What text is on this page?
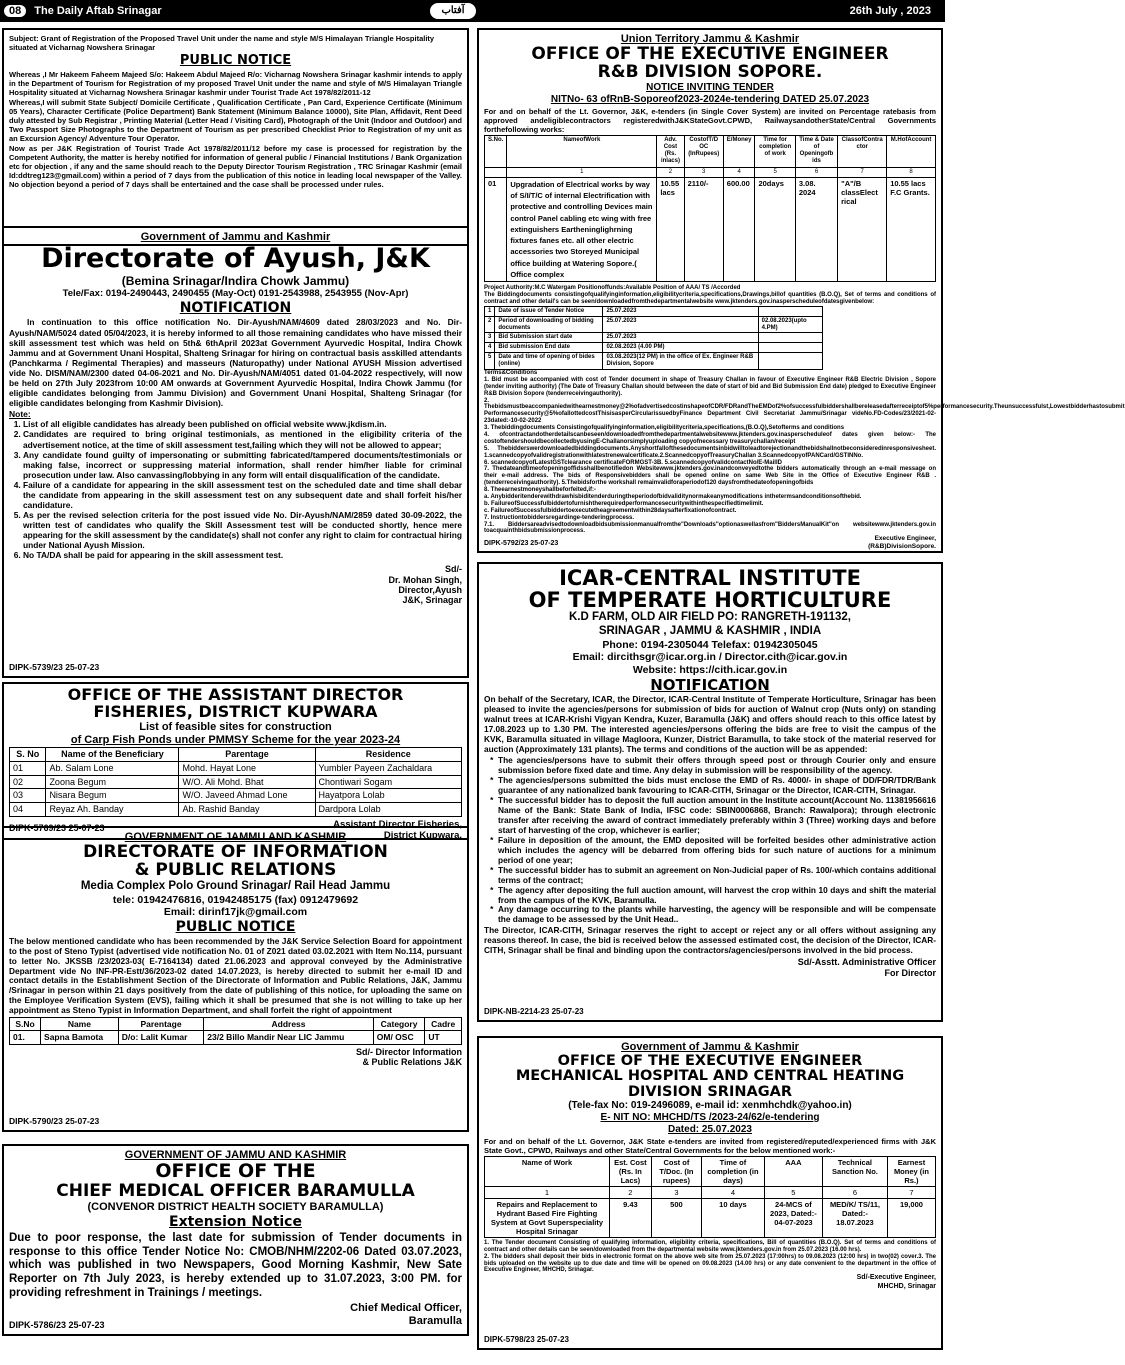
08	The Daily Aftab Srinagar	آفتاب	26th July , 2023

Subject: Grant of Registration of the Proposed Travel Unit under the name and style M/S Himalayan Triangle Hospitality situated at Vicharnag Nowshera Srinagar

PUBLIC NOTICE

Whereas ,I Mr Hakeem Faheem Majeed S/o: Hakeem Abdul Majeed R/o: Vicharnag Nowshera Srinagar kashmir intends to apply in the Department of Tourism for Registration of my proposed Travel Unit under the name and style of M/S Himalayan Triangle Hospitality situated at Vicharnag Nowshera Srinagar kashmir under Tourist Trade Act 1978/82/2011-12

Whereas,I will submit State Subject/ Domicile Certificate , Qualification Certificate , Pan Card, Experience Certificate (Minimum 05 Years), Character Certificate (Police Department) Bank Statement (Minimum Balance 10000), Site Plan, Affidavit, Rent Deed duly attested by Sub Registrar , Printing Material (Letter Head / Visiting Card), Photograph of the Unit (Indoor and Outdoor) and Two Passport Size Photographs to the Department of Tourism as per prescribed Checklist Prior to Registration of my unit as an Excursion Agency/ Adventure Tour Operator.

Now as per J&K Registration of Tourist Trade Act 1978/82/2011/12 before my case is processed for registration by the Competent Authority, the matter is hereby notified for information of general public / Financial Institutions / Bank Organization etc for objection , if any and the same should reach to the Deputy Director Tourism Registration , TRC Srinagar Kashmir (email Id:ddtreg123@gmail.com) within a period of 7 days from the publication of this notice in leading local newspaper of the Valley. No objection beyond a period of 7 days shall be entertained and the case shall be processed under rules.

Government of Jammu and Kashmir
Directorate of Ayush, J&K
(Bemina Srinagar/Indira Chowk Jammu)
Tele/Fax: 0194-2490443, 2490455 (May-Oct) 0191-2543988, 2543955 (Nov-Apr)
NOTIFICATION

In continuation to this office notification No. Dir-Ayush/NAM/4609 dated 28/03/2023 and No. Dir-Ayush/NAM/5024 dated 05/04/2023, it is hereby informed to all those remaining candidates who have missed their skill assessment test which was held on 5th& 6thApril 2023at Government Ayurvedic Hospital, Indira Chowk Jammu and at Government Unani Hospital, Shalteng Srinagar for hiring on contractual basis asskilled attendants (Panchkarma / Regimental Therapies) and masseurs (Naturopathy) under National AYUSH Mission advertised vide No. DISM/NAM/2300 dated 04-06-2021 and No. Dir-Ayush/NAM/4051 dated 01-04-2022 respectively, will now be held on 27th July 2023from 10:00 AM onwards at Government Ayurvedic Hospital, Indira Chowk Jammu (for eligible candidates belonging from Jammu Division) and Government Unani Hospital, Shalteng Srinagar (for eligible candidates belonging from Kashmir Division).

Note:
1. List of all eligible candidates has already been published on official website www.jkdism.in.
2. Candidates are required to bring original testimonials, as mentioned in the eligibility criteria of the advertisement notice, at the time of skill assessment test,failing which they will not be allowed to appear;
3. Any candidate found guilty of impersonating or submitting fabricated/tampered documents/testimonials or making false, incorrect or suppressing material information, shall render him/her liable for criminal prosecution under law. Also canvassing/lobbying in any form will entail disqualification of the candidate.
4. Failure of a candidate for appearing in the skill assessment test on the scheduled date and time shall debar the candidate from appearing in the skill assessment test on any subsequent date and shall forfeit his/her candidature.
5. As per the revised selection criteria for the post issued vide No. Dir-Ayush/NAM/2859 dated 30-09-2022, the written test of candidates who qualify the Skill Assessment test will be conducted shortly, hence mere appearing for the skill assessment by the candidate(s) shall not confer any right to claim for contractual hiring under National Ayush Mission.
6. No TA/DA shall be paid for appearing in the skill assessment test.
Sd/-
Dr. Mohan Singh,
Director,Ayush
J&K, Srinagar
DIPK-5739/23 25-07-23
OFFICE OF THE ASSISTANT DIRECTOR
FISHERIES, DISTRICT KUPWARA
List of feasible sites for construction
of Carp Fish Ponds under PMMSY Scheme for the year 2023-24
S. No	Name of the Beneficiary	Parentage	Residence
01	Ab. Salam Lone	Mohd. Hayat Lone	Yumbler Payeen Zachaldara
02	Zoona Begum	W/O. Ali Mohd. Bhat	Chontiwari Sogam
03	Nisara Begum	W/O. Javeed Ahmad Lone	Hayatpora Lolab
04	Reyaz Ah. Banday	Ab. Rashid Banday	Dardpora Lolab
Assistant Director Fisheries,
District Kupwara.
DIPK-5769/23 25-07-23
GOVERNMENT OF JAMMU AND KASHMIR
DIRECTORATE OF INFORMATION
& PUBLIC RELATIONS
Media Complex Polo Ground Srinagar/ Rail Head Jammu
tele: 01942476816, 01942485175 (fax) 0912479692
Email: dirinf17jk@gmail.com
PUBLIC NOTICE

The below mentioned candidate who has been recommended by the J&K Service Selection Board for appointment to the post of Steno Typist (advertised vide notification No. 01 of Z021 dated 03.02.2021 with Item No.114, pursuant to letter No. JKSSB /23/2023-03( E-7164134) dated 21.06.2023 and approval conveyed by the Administrative Department vide No INF-PR-Estt/36/2023-02 dated 14.07.2023, is hereby directed to submit her e-mail ID and contact details in the Establishment Section of the Directorate of Information and Public Relations, J&K, Jammu /Srinagar in person within 21 days positively from the date of publishing of this notice, for uploading the same on the Employee Verification System (EVS), failing which it shall be presumed that she is not willing to take up her appointment as Steno Typist in Information Department, and shall forfeit the right of appointment

S.No	Name	Parentage	Address	Category	Cadre
01.	Sapna Bamota	D/o: Lalit Kumar	23/2 Billo Mandir Near LIC Jammu	OM/ OSC	UT
Sd/- Director Information
& Public Relations J&K
DIPK-5790/23 25-07-23
GOVERNMENT OF JAMMU AND KASHMIR
OFFICE OF THE
CHIEF MEDICAL OFFICER BARAMULLA
(CONVENOR DISTRICT HEALTH SOCIETY BARAMULLA)
Extension Notice

Due to poor response, the last date for submission of Tender documents in response to this office Tender Notice No: CMOB/NHM/2202-06 Dated 03.07.2023, which was published in two Newspapers, Good Morning Kashmir, New Sate Reporter on 7th July 2023, is hereby extended up to 31.07.2023, 3:00 PM. for providing refreshment in Trainings / meetings.

Chief Medical Officer,
Baramulla
DIPK-5786/23 25-07-23
Union Territory Jammu & Kashmir
OFFICE OF THE EXECUTIVE ENGINEER
R&B DIVISION SOPORE.
NOTICE INVITING TENDER
NITNo- 63 ofRnB-Soporeof2023-2024e-tendering DATED 25.07.2023

For and on behalf of the Lt. Governor, J&K, e-tenders (in Single Cover System) are invited on Percentage ratebasis from approved andeligiblecontractors registeredwithJ&KStateGovt.CPWD, RailwaysandotherState/Central Governments forthefollowing works:

S.No.	NameofWork	Adv. Cost (Rs. inlacs)	CostofT/D OC (InRupees)	E/Money	Time for completion of work	Time & Date of Openingofb ids	ClassofContra ctor	M.HofAccount
	1	2	3	4	5	6	7	8
01	Upgradation of Electrical works by way of S/I/T/C of internal Electrification with protective and controlling Devices main control Panel cabling etc wing with free extinguishers Eartheninglighrning fixtures fanes etc. all other electric accessories two Storeyed Municipal office building at Watering Sopore.( Office complex	10.55 lacs	2110/-	600.00	20days	3.08. 2024	"A"/B classElect rical	10.55 lacs F.C Grants.
Project Authority:M.C Watergam Positionoffunds:Available Position of AAA/ TS /Accorded
The Biddingdocuments consistingofqualifyinginformation,eligibilitycriteria,specifications,Drawings,billof quantities (B.O.Q), Set of terms and conditions of contract and other detail's can be seen/downloadedfromthedepartmentalwebsite www.jktenders.gov.inasperscheduleofdatesgivenbelow:
1	Date of issue of Tender Notice	25.07.2023	
2	Period of downloading of bidding documents	25.07.2023	02.08.2023(upto 4.PM)
3	Bid Submission start date	25.07.2023	
4	Bid submission End date	02.08.2023 (4.00 PM)	
5	Date and time of opening of bides (online)	03.08.2023(12 PM) in the office of Ex. Engineer R&B Division, Sopore	
Terms&Conditions
1. Bid must be accompanied with cost of Tender document in shape of Treasury Challan in favour of Executive Engineer R&B Electric Division , Sopore (tender inviting authority) (The Date of Treasury Challan should betweeen the date of start of bid and Bid Submission End date) pledged to Executive Engineer R&B Division Sopore (tenderreceivingauthority).
2. Thebidsmustbeaccompaniedwithearnestmoney@2%ofadvertisedcostinshapeofCDR/FDRandTheEMDof2%ofsuccessfulbiddershallbereleasedafterreceiptof5%performancesecurity.Theunsuccessfulst,Lowestbidderhastosubmit Performancesecurity@5%ofallottedcostThisisasperCircularissuedbyFinance Department Civil Secretariat Jammu/Srinagar videNo.FD-Codes/23/2021-02-23dated:-10-02-2022
3. Thebiddingdocuments Consistingofqualifyinginformation,eligibilitycriteria,specifications,(B.O.Q),Setofterms and conditions
4. ofcontractandotherdetailscanbeseen/downloadedfromthedepartmentalwebsitewww.jktenders.gov.inasperscheduleof dates given below:- The costoftendershouldbecollectedbyusingE-Challanorsimplyuploading copyofnecessary treasurychallan/receipt
5. Thebidderswerdownloadedbiddingdocuments.Anyshortfallofthesedocumentsinbidwilltoleadtorejectionandthebidshallnotbeconsideredinresponsivesheet. 1.scannedcopyofvalidregistrationwithlatestrenewalcertificate.2.ScannedcopyofTreasuryChallan 3.ScannedcopyofPANCard/GSTINNo.
6. scannedcopyofLatestGSTclearance certificateFORMGST-3B. 5.scannedcopyofvalidcontactNo/E-MailID
7. Thedateandtimeofopeningoffidsshallbenotifiedon Websitewww.jktenders.gov.inandconveyedtothe bidders automatically through an e-mail message on their e-mail address. The bids of Responsivebidders shall be opened online on same Web Site in the Office of Executive Engineer R&B . (tenderreceivingauthority). 5.Thebidsforthe workshall remainvalidforaperiodof120 daysfromthedateofopeningofbids
8. Theearnestmoneyshallbeforfeited,if:-
a. Anybidderitenderewithdrawhisbiditenderduringtheperiodofbidvaliditynormakeanymodifications inthetermsandconditionsofthebid.
b. FailureofSuccessfulbiddertofurnishtherequiredperformancesecuritywithinthespecifiedtimelimit.
c. FailureofSuccessfulbiddertoexecutetheagreementwithin28daysafterfixationofcontract.
7. Instructiontobiddersregardinge-tenderingprocess.
7.1. Biddersareadvisedtodownloadbidsubmissionmanualfromthe"Downloads"optionaswellasfrom"BiddersManualKit"on websitewww.jktenders.gov.in toacquainthbidsubmissionprocess.
Executive Engineer,
(R&B)DivisionSopore.
DIPK-5792/23 25-07-23
ICAR-CENTRAL INSTITUTE
OF TEMPERATE HORTICULTURE
K.D FARM, OLD AIR FIELD PO: RANGRETH-191132,
SRINAGAR , JAMMU & KASHMIR , INDIA
Phone: 0194-2305044 Telefax: 01942305045
Email: dircithsgr@icar.org.in / Director.cith@icar.gov.in
Website: https://cith.icar.gov.in
NOTIFICATION

On behalf of the Secretary, ICAR, the Director, ICAR-Central Institute of Temperate Horticulture, Srinagar has been pleased to invite the agencies/persons for submission of bids for auction of Walnut crop (Nuts only) on standing walnut trees at ICAR-Krishi Vigyan Kendra, Kuzer, Baramulla (J&K) and offers should reach to this office latest by 17.08.2023 up to 1.30 PM. The interested agencies/persons offering the bids are free to visit the campus of the KVK, Baramulla situated in village Magloora, Kunzer, District Baramulla, to take stock of the material reserved for auction (Approximately 131 plants). The terms and conditions of the auction will be as appended:

* The agencies/persons have to submit their offers through speed post or through Courier only and ensure submission before fixed date and time. Any delay in submission will be responsibility of the agency.
* The agencies/persons submitted the bids must enclose the EMD of Rs. 4000/- in shape of DD/FDR/TDR/Bank guarantee of any nationalized bank favouring to ICAR-CITH, Srinagar or the Director, ICAR-CITH, Srinagar.
* The successful bidder has to deposit the full auction amount in the Institute account(Account No. 11381956616 Name of the Bank: State Bank of India, IFSC code: SBIN0006868, Branch: Rawalpora); through electronic transfer after receiving the award of contract immediately preferably within 3 (Three) working days and before start of harvesting of the crop, whichever is earlier;
* Failure in deposition of the amount, the EMD deposited will be forfeited besides other administrative action which includes the agency will be debarred from offering bids for such nature of auctions for a minimum period of one year;
* The successful bidder has to submit an agreement on Non-Judicial paper of Rs. 100/-which contains additional terms of the contract;
* The agency after depositing the full auction amount, will harvest the crop within 10 days and shift the material from the campus of the KVK, Baramulla.
* Any damage occurring to the plants while harvesting, the agency will be responsible and will be compensate the damage to be assessed by the Unit Head..

The Director, ICAR-CITH, Srinagar reserves the right to accept or reject any or all offers without assigning any reasons thereof. In case, the bid is received below the assessed estimated cost, the decision of the Director, ICAR-CITH, Srinagar shall be final and binding upon the contractors/agencies/persons involved in the bid process.

Sd/-Asstt. Administrative Officer
For Director
DIPK-NB-2214-23 25-07-23
Government of Jammu & Kashmir
OFFICE OF THE EXECUTIVE ENGINEER
MECHANICAL HOSPITAL AND CENTRAL HEATING
DIVISION SRINAGAR
(Tele-fax No: 019-2496089, e-mail id: xenmhchdk@yahoo.in)
E- NIT NO: MHCHD/TS /2023-24/62/e-tendering
Dated: 25.07.2023

For and on behalf of the Lt. Governor, J&K State e-tenders are invited from registered/reputed/experienced firms with J&K State Govt., CPWD, Railways and other State/Central Governments for the below mentioned work:-

Name of Work	Est. Cost (Rs. In Lacs)	Cost of T/Doc. (In rupees)	Time of completion (in days)	AAA	Technical Sanction No.	Earnest Money (in Rs.)
1	2	3	4	5	6	7
Repairs and Replacement to Hydrant Based Fire Fighting System at Govt Superspeciality Hospital Srinagar	9.43	500	10 days	24-MCS of 2023, Dated:- 04-07-2023	MED/K/ TS/11, Dated:- 18.07.2023	19,000
1. The Tender document Consisting of qualifying information, eligibility criteria, specifications, Bill of quantities (B.O.Q). Set of terms and conditions of contract and other details can be seen/downloaded from the departmental website www.jktenders.gov.in from 25.07.2023 (16.00 hrs).
2. The bidders shall deposit their bids in electronic format on the above web site from 25.07.2023 (17:00hrs) to 09.08.2023 (12:00 hrs) in two(02) cover.3. The bids uploaded on the website up to due date and time will be opened on 09.08.2023 (14.00 hrs) or any date convenient to the department in the office of Executive Engineer, MHCHD, Srinagar.
Sd/-Executive Engineer,
MHCHD, Srinagar
DIPK-5798/23 25-07-23
